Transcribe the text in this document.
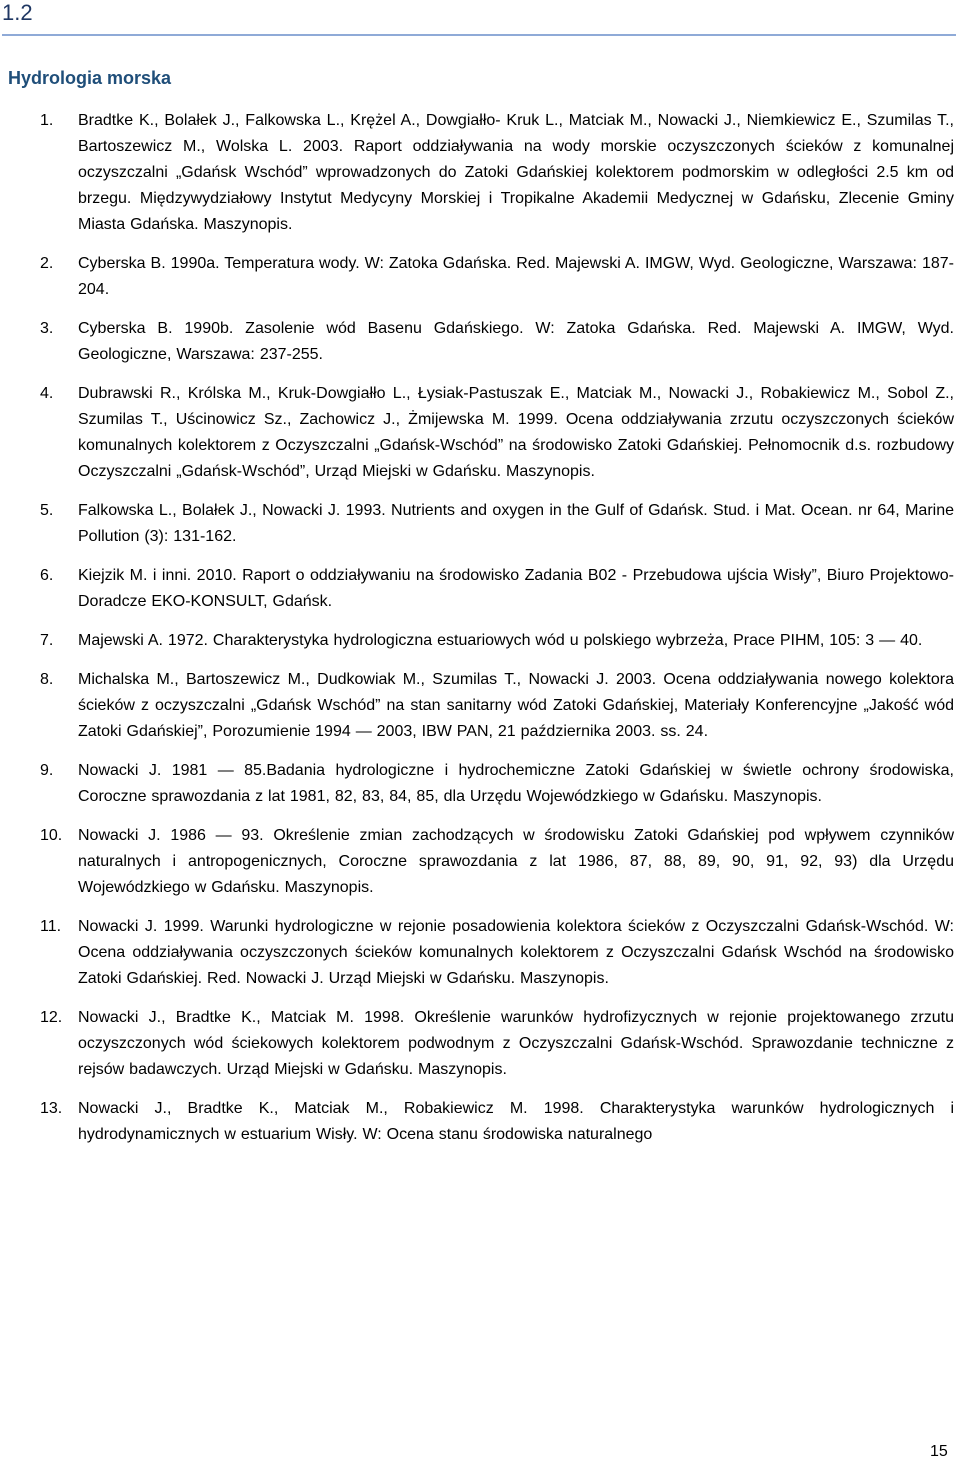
1.2
Hydrologia morska
1. Bradtke K., Bolałek J., Falkowska L., Krężel A., Dowgiałło- Kruk L., Matciak M., Nowacki J., Niemkiewicz E., Szumilas T., Bartoszewicz M., Wolska L. 2003. Raport oddziaływania na wody morskie oczyszczonych ścieków z komunalnej oczyszczalni „Gdańsk Wschód” wprowadzonych do Zatoki Gdańskiej kolektorem podmorskim w odległości 2.5 km od brzegu. Międzywydziałowy Instytut Medycyny Morskiej i Tropikalne Akademii Medycznej w Gdańsku, Zlecenie Gminy Miasta Gdańska. Maszynopis.

2. Cyberska B. 1990a. Temperatura wody. W: Zatoka Gdańska. Red. Majewski A. IMGW, Wyd. Geologiczne, Warszawa: 187-204.

3. Cyberska B. 1990b. Zasolenie wód Basenu Gdańskiego. W: Zatoka Gdańska. Red. Majewski A. IMGW, Wyd. Geologiczne, Warszawa: 237-255.

4. Dubrawski R., Królska M., Kruk-Dowgiałło L., Łysiak-Pastuszak E., Matciak M., Nowacki J., Robakiewicz M., Sobol Z., Szumilas T., Uścinowicz Sz., Zachowicz J., Żmijewska M. 1999. Ocena oddziaływania zrzutu oczyszczonych ścieków komunalnych kolektorem z Oczyszczalni „Gdańsk-Wschód” na środowisko Zatoki Gdańskiej. Pełnomocnik d.s. rozbudowy Oczyszczalni „Gdańsk-Wschód”, Urząd Miejski w Gdańsku. Maszynopis.

5. Falkowska L., Bolałek J., Nowacki J. 1993. Nutrients and oxygen in the Gulf of Gdańsk. Stud. i Mat. Ocean. nr 64, Marine Pollution (3): 131-162.

6. Kiejzik M. i inni. 2010. Raport o oddziaływaniu na środowisko Zadania B02 - Przebudowa ujścia Wisły”, Biuro Projektowo-Doradcze EKO-KONSULT, Gdańsk.

7. Majewski A. 1972. Charakterystyka hydrologiczna estuariowych wód u polskiego wybrzeża, Prace PIHM, 105: 3 — 40.

8. Michalska M., Bartoszewicz M., Dudkowiak M., Szumilas T., Nowacki J. 2003. Ocena oddziaływania nowego kolektora ścieków z oczyszczalni „Gdańsk Wschód” na stan sanitarny wód Zatoki Gdańskiej, Materiały Konferencyjne „Jakość wód Zatoki Gdańskiej”, Porozumienie 1994 — 2003, IBW PAN, 21 października 2003. ss. 24.

9. Nowacki J. 1981 — 85.Badania hydrologiczne i hydrochemiczne Zatoki Gdańskiej w świetle ochrony środowiska, Coroczne sprawozdania z lat 1981, 82, 83, 84, 85, dla Urzędu Wojewódzkiego w Gdańsku. Maszynopis.

10. Nowacki J. 1986 — 93. Określenie zmian zachodzących w środowisku Zatoki Gdańskiej pod wpływem czynników naturalnych i antropogenicznych, Coroczne sprawozdania z lat 1986, 87, 88, 89, 90, 91, 92, 93) dla Urzędu Wojewódzkiego w Gdańsku. Maszynopis.

11. Nowacki J. 1999. Warunki hydrologiczne w rejonie posadowienia kolektora ścieków z Oczyszczalni Gdańsk-Wschód. W: Ocena oddziaływania oczyszczonych ścieków komunalnych kolektorem z Oczyszczalni Gdańsk Wschód na środowisko Zatoki Gdańskiej. Red. Nowacki J. Urząd Miejski w Gdańsku. Maszynopis.

12. Nowacki J., Bradtke K., Matciak M. 1998. Określenie warunków hydrofizycznych w rejonie projektowanego zrzutu oczyszczonych wód ściekowych kolektorem podwodnym z Oczyszczalni Gdańsk-Wschód. Sprawozdanie techniczne z rejsów badawczych. Urząd Miejski w Gdańsku. Maszynopis.

13. Nowacki J., Bradtke K., Matciak M., Robakiewicz M. 1998. Charakterystyka warunków hydrologicznych i hydrodynamicznych w estuarium Wisły. W: Ocena stanu środowiska naturalnego

15
